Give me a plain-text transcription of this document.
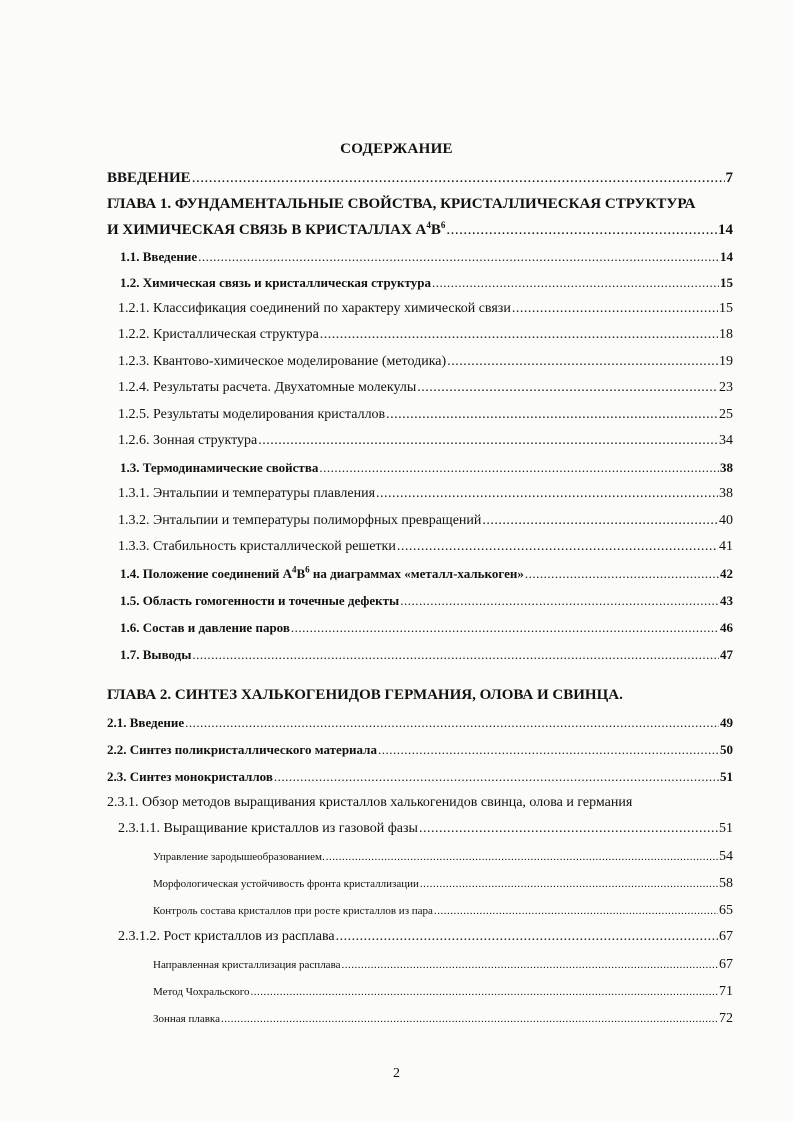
СОДЕРЖАНИЕ
ВВЕДЕНИЕ .....	7
ГЛАВА 1. ФУНДАМЕНТАЛЬНЫЕ СВОЙСТВА, КРИСТАЛЛИЧЕСКАЯ СТРУКТУРА
И ХИМИЧЕСКАЯ СВЯЗЬ В КРИСТАЛЛАХ $A^4B^6$ .....	14
1.1. Введение .....	14
1.2. Химическая связь и кристаллическая структура .....	15
1.2.1. Классификация соединений по характеру химической связи .....	15
1.2.2. Кристаллическая структура .....	18
1.2.3. Квантово-химическое моделирование (методика) .....	19
1.2.4. Результаты расчета. Двухатомные молекулы .....	23
1.2.5. Результаты моделирования кристаллов .....	25
1.2.6. Зонная структура .....	34
1.3. Термодинамические свойства .....	38
1.3.1. Энтальпии и температуры плавления .....	38
1.3.2. Энтальпии и температуры полиморфных превращений .....	40
1.3.3. Стабильность кристаллической решетки .....	41
1.4. Положение соединений $A^4B^6$ на диаграммах «металл-халькоген» .....	42
1.5. Область гомогенности и точечные дефекты .....	43
1.6. Состав и давление паров .....	46
1.7. Выводы .....	47
ГЛАВА 2. СИНТЕЗ ХАЛЬКОГЕНИДОВ ГЕРМАНИЯ, ОЛОВА И СВИНЦА.
2.1. Введение .....	49
2.2. Синтез поликристаллического материала .....	50
2.3. Синтез монокристаллов .....	51
2.3.1. Обзор методов выращивания кристаллов халькогенидов свинца, олова и германия
2.3.1.1. Выращивание кристаллов из газовой фазы .....	51
Управление зародышеобразованием. .....	54
Морфологическая устойчивость фронта кристаллизации .....	58
Контроль состава кристаллов при росте кристаллов из пара .....	65
2.3.1.2. Рост кристаллов из расплава .....	67
Направленная кристаллизация расплава .....	67
Метод Чохральского .....	71
Зонная плавка .....	72
2
